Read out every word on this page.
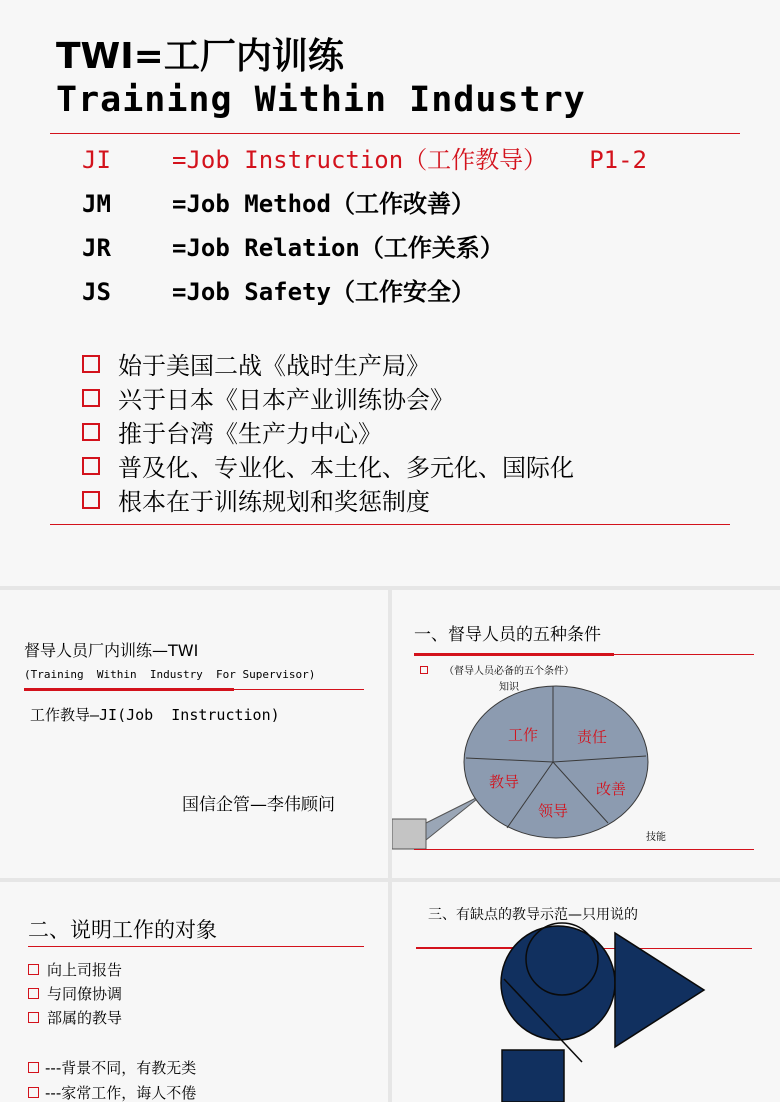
TWI=工厂内训练
Training Within Industry
JI	=Job Instruction（工作教导） P1-2
JM	=Job Method（工作改善）
JR	=Job Relation（工作关系）
JS	=Job Safety（工作安全）
始于美国二战《战时生产局》
兴于日本《日本产业训练协会》
推于台湾《生产力中心》
普及化、专业化、本土化、多元化、国际化
根本在于训练规划和奖惩制度
督导人员厂内训练—TWI
(Training  Within  Industry  For Supervisor)
工作教导—JI(Job  Instruction)
国信企管—李伟顾问
一、督导人员的五种条件
（督导人员必备的五个条件）
知识
技能
工作	责任
改善
领导
教导
二、说明工作的对象
向上司报告
与同僚协调
部属的教导
---背景不同，有教无类
---家常工作，诲人不倦
三、有缺点的教导示范—只用说的
